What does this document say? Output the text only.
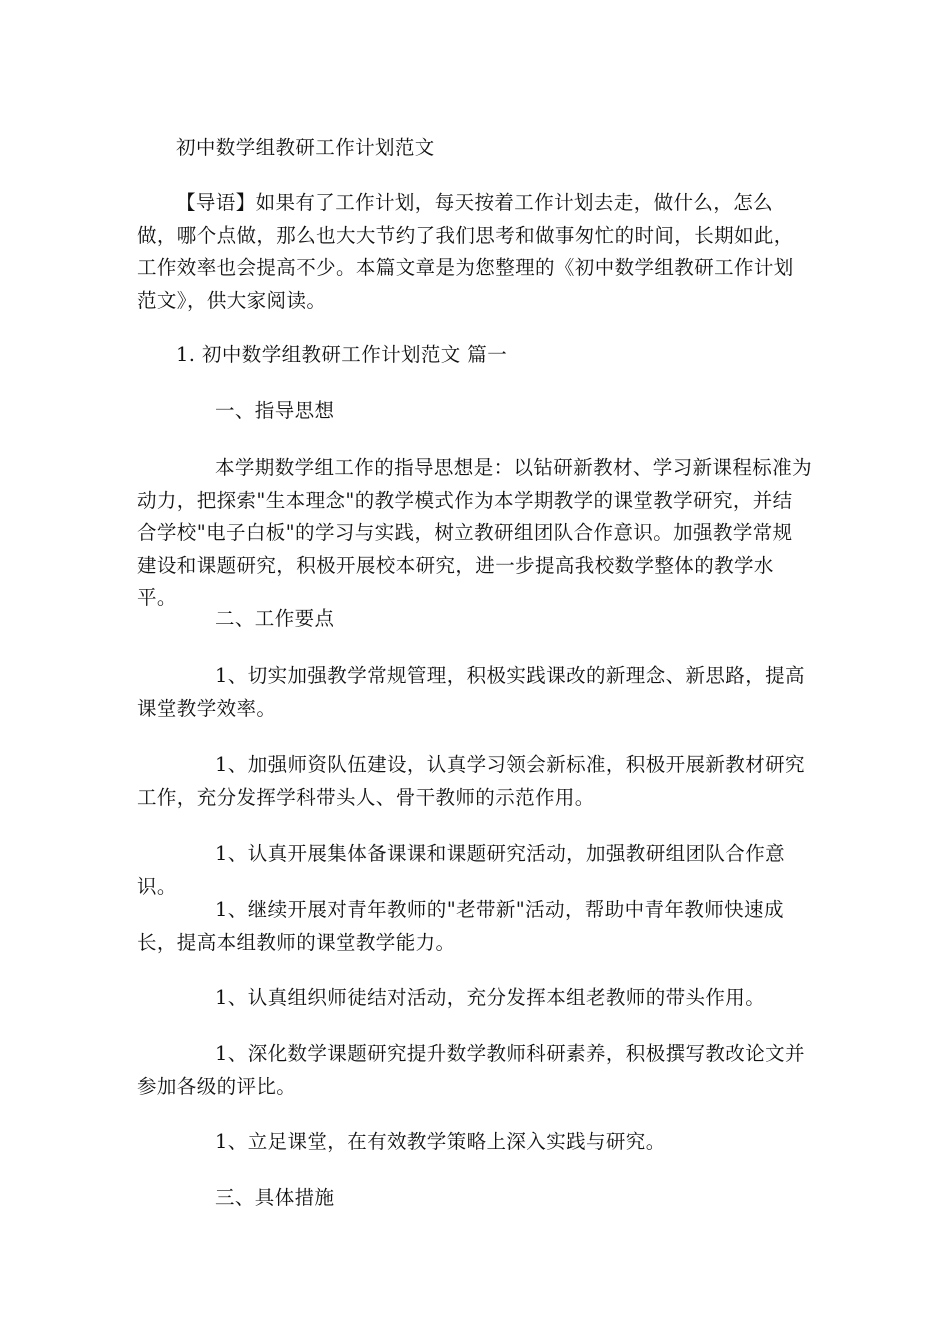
初中数学组教研工作计划范文

【导语】如果有了工作计划，每天按着工作计划去走，做什么，怎么做，哪个点做，那么也大大节约了我们思考和做事匆忙的时间，长期如此，工作效率也会提高不少。本篇文章是为您整理的《初中数学组教研工作计划范文》，供大家阅读。

1. 初中数学组教研工作计划范文 篇一

一、指导思想

本学期数学组工作的指导思想是：以钻研新教材、学习新课程标准为动力，把探索"生本理念"的教学模式作为本学期教学的课堂教学研究，并结合学校"电子白板"的学习与实践，树立教研组团队合作意识。加强教学常规建设和课题研究，积极开展校本研究，进一步提高我校数学整体的教学水平。

二、工作要点

1、切实加强教学常规管理，积极实践课改的新理念、新思路，提高课堂教学效率。

1、加强师资队伍建设，认真学习领会新标准，积极开展新教材研究工作，充分发挥学科带头人、骨干教师的示范作用。

1、认真开展集体备课课和课题研究活动，加强教研组团队合作意识。

1、继续开展对青年教师的"老带新"活动，帮助中青年教师快速成长，提高本组教师的课堂教学能力。

1、认真组织师徒结对活动，充分发挥本组老教师的带头作用。

1、深化数学课题研究提升数学教师科研素养，积极撰写教改论文并参加各级的评比。

1、立足课堂，在有效教学策略上深入实践与研究。

三、具体措施
